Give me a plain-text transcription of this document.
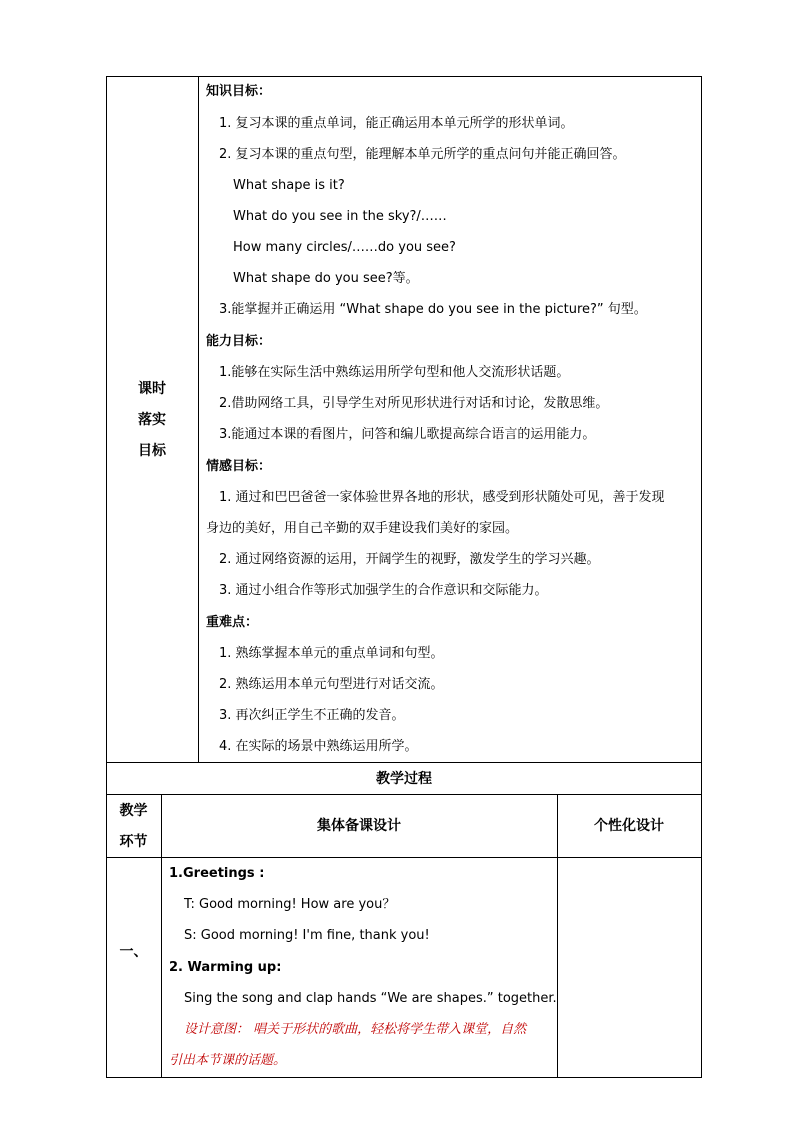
课时
落实
目标
知识目标：
1. 复习本课的重点单词，能正确运用本单元所学的形状单词。
2. 复习本课的重点句型，能理解本单元所学的重点问句并能正确回答。
What shape is it?
What do you see in the sky?/……
How many circles/……do you see?
What shape do you see?等。
3.能掌握并正确运用 “What shape do you see in the picture?” 句型。
能力目标：
1.能够在实际生活中熟练运用所学句型和他人交流形状话题。
2.借助网络工具，引导学生对所见形状进行对话和讨论，发散思维。
3.能通过本课的看图片，问答和编儿歌提高综合语言的运用能力。
情感目标：
1. 通过和巴巴爸爸一家体验世界各地的形状，感受到形状随处可见，善于发现
身边的美好，用自己辛勤的双手建设我们美好的家园。
2. 通过网络资源的运用，开阔学生的视野，激发学生的学习兴趣。
3. 通过小组合作等形式加强学生的合作意识和交际能力。
重难点：
1. 熟练掌握本单元的重点单词和句型。
2. 熟练运用本单元句型进行对话交流。
3. 再次纠正学生不正确的发音。
4. 在实际的场景中熟练运用所学。
教学过程
教学
环节
集体备课设计	个性化设计
一、
1.Greetings :
T: Good morning! How are you？
S: Good morning! I'm fine, thank you!
2. Warming up:
Sing the song and clap hands “We are shapes.” together.
设计意图： 唱关于形状的歌曲，轻松将学生带入课堂，自然
引出本节课的话题。
